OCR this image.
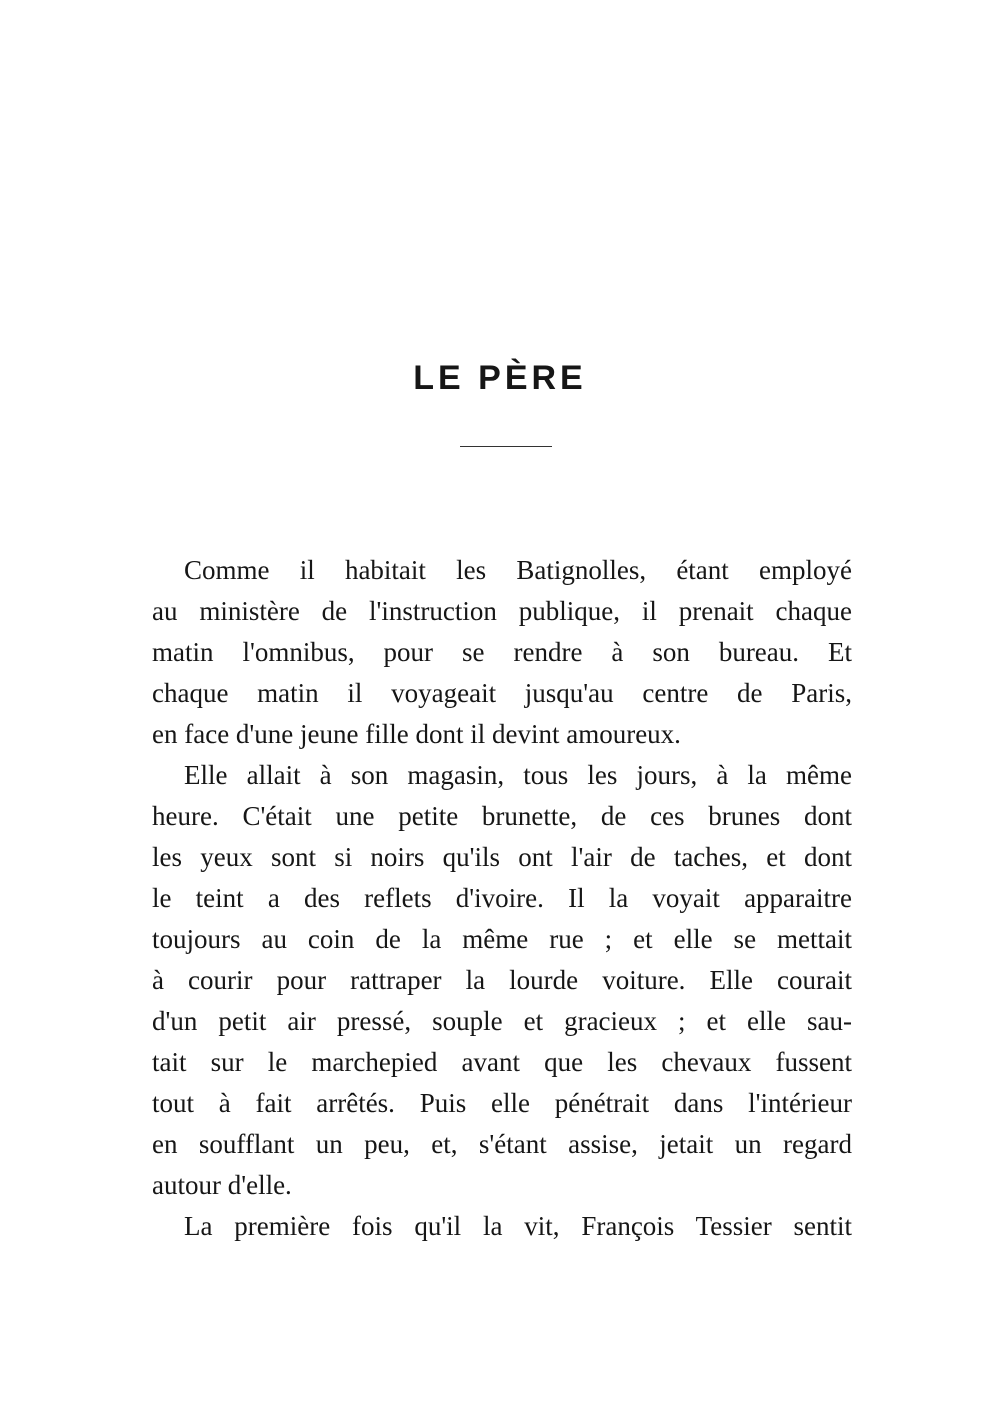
LE PÈRE
Comme il habitait les Batignolles, étant employé
au ministère de l'instruction publique, il prenait chaque
matin l'omnibus, pour se rendre à son bureau. Et
chaque matin il voyageait jusqu'au centre de Paris,
en face d'une jeune fille dont il devint amoureux.
Elle allait à son magasin, tous les jours, à la même
heure. C'était une petite brunette, de ces brunes dont
les yeux sont si noirs qu'ils ont l'air de taches, et dont
le teint a des reflets d'ivoire. Il la voyait apparaitre
toujours au coin de la même rue ; et elle se mettait
à courir pour rattraper la lourde voiture. Elle courait
d'un petit air pressé, souple et gracieux ; et elle sau-
tait sur le marchepied avant que les chevaux fussent
tout à fait arrêtés. Puis elle pénétrait dans l'intérieur
en soufflant un peu, et, s'étant assise, jetait un regard
autour d'elle.
La première fois qu'il la vit, François Tessier sentit
